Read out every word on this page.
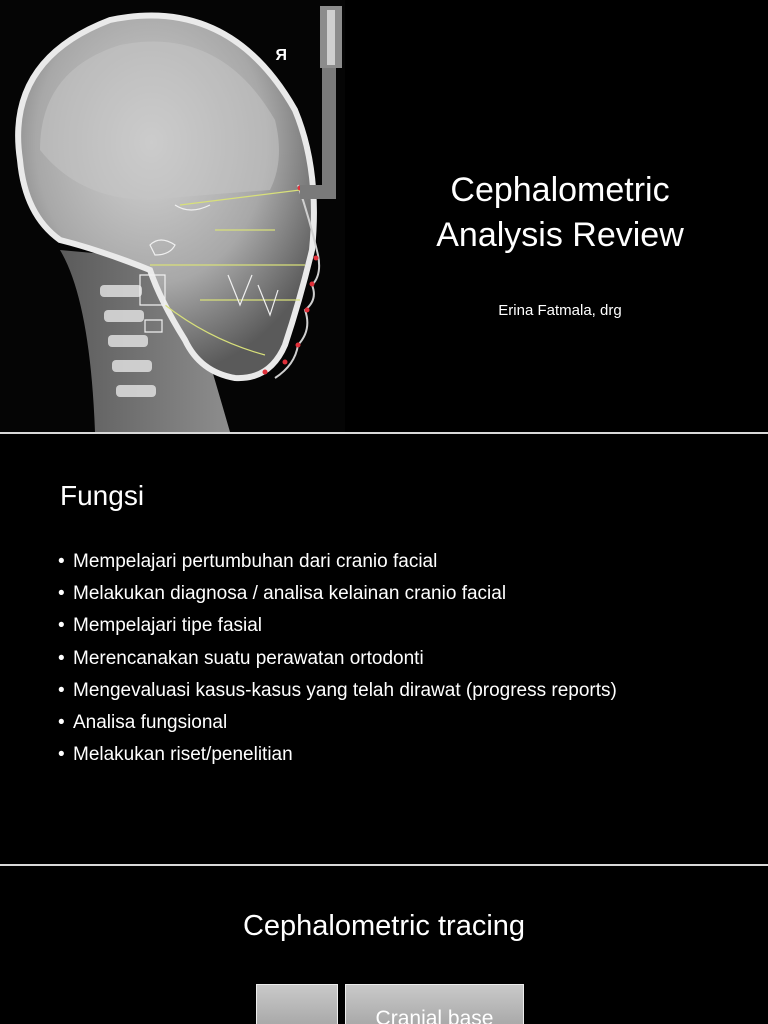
R
Cephalometric
Analysis Review
Erina Fatmala, drg
Fungsi
• Mempelajari pertumbuhan dari cranio facial
• Melakukan diagnosa / analisa kelainan cranio facial
• Mempelajari tipe fasial
• Merencanakan suatu perawatan ortodonti
• Mengevaluasi kasus-kasus yang telah dirawat (progress reports)
• Analisa fungsional
• Melakukan riset/penelitian
Cephalometric tracing
Cranial base
